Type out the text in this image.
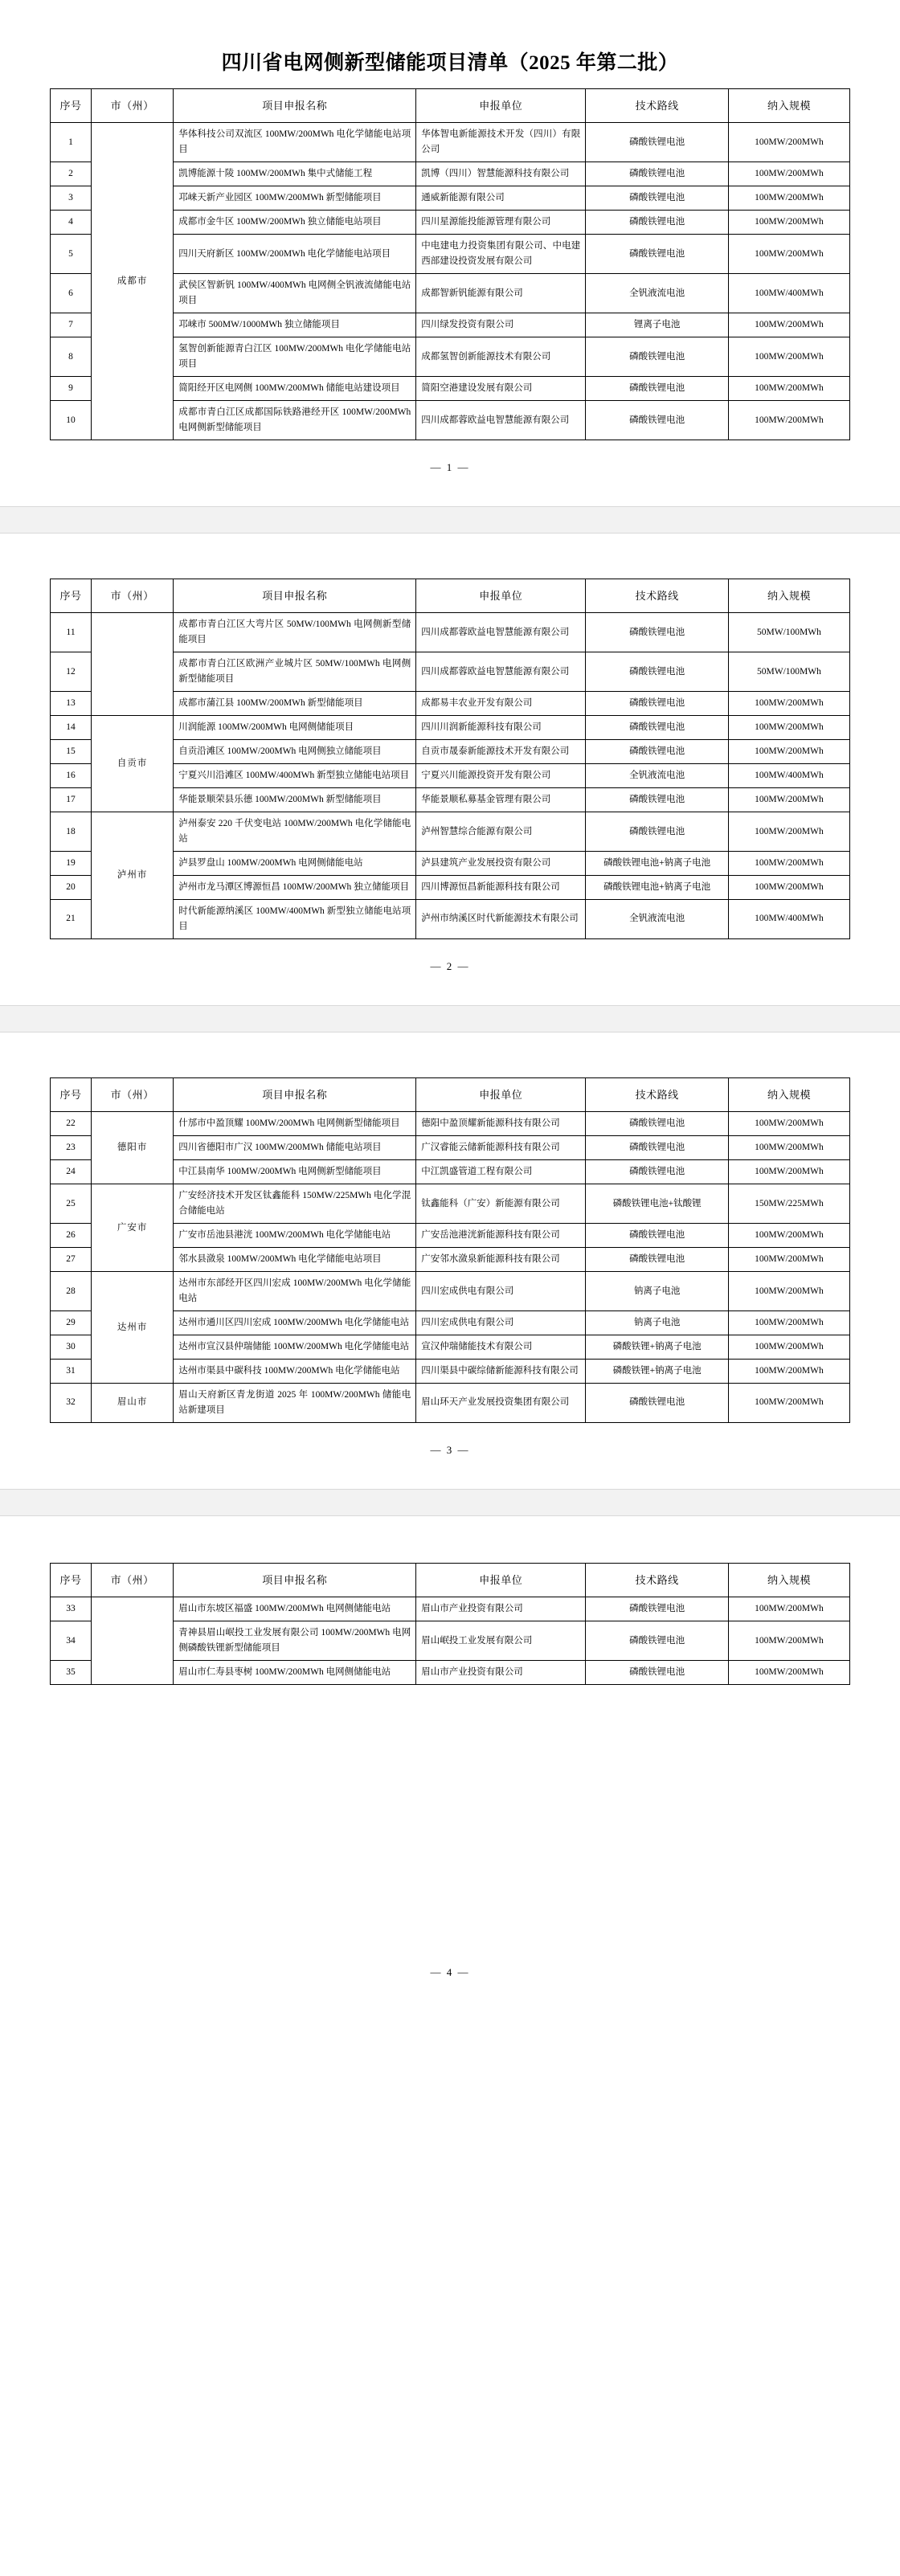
四川省电网侧新型储能项目清单（2025 年第二批）
序号	市（州）	项目申报名称	申报单位	技术路线	纳入规模
1	成都市	华体科技公司双流区 100MW/200MWh 电化学储能电站项目	华体智电新能源技术开发（四川）有限公司	磷酸铁锂电池	100MW/200MWh
2		凯博能源十陵 100MW/200MWh 集中式储能工程	凯博（四川）智慧能源科技有限公司	磷酸铁锂电池	100MW/200MWh
3		邛崃天新产业园区 100MW/200MWh 新型储能项目	通威新能源有限公司	磷酸铁锂电池	100MW/200MWh
4		成都市金牛区 100MW/200MWh 独立储能电站项目	四川星源能投能源管理有限公司	磷酸铁锂电池	100MW/200MWh
5		四川天府新区 100MW/200MWh 电化学储能电站项目	中电建电力投资集团有限公司、中电建西部建设投资发展有限公司	磷酸铁锂电池	100MW/200MWh
6		武侯区智新钒 100MW/400MWh 电网侧全钒液流储能电站项目	成都智新钒能源有限公司	全钒液流电池	100MW/400MWh
7		邛崃市 500MW/1000MWh 独立储能项目	四川绿发投资有限公司	锂离子电池	100MW/200MWh
8		氢智创新能源青白江区 100MW/200MWh 电化学储能电站项目	成都氢智创新能源技术有限公司	磷酸铁锂电池	100MW/200MWh
9		简阳经开区电网侧 100MW/200MWh 储能电站建设项目	简阳空港建设发展有限公司	磷酸铁锂电池	100MW/200MWh
10		成都市青白江区成都国际铁路港经开区 100MW/200MWh 电网侧新型储能项目	四川成都蓉欧益电智慧能源有限公司	磷酸铁锂电池	100MW/200MWh
— 1 —
序号	市（州）	项目申报名称	申报单位	技术路线	纳入规模
11		成都市青白江区大弯片区 50MW/100MWh 电网侧新型储能项目	四川成都蓉欧益电智慧能源有限公司	磷酸铁锂电池	50MW/100MWh
12		成都市青白江区欧洲产业城片区 50MW/100MWh 电网侧新型储能项目	四川成都蓉欧益电智慧能源有限公司	磷酸铁锂电池	50MW/100MWh
13		成都市蒲江县 100MW/200MWh 新型储能项目	成都易丰农业开发有限公司	磷酸铁锂电池	100MW/200MWh
14	自贡市	川润能源 100MW/200MWh 电网侧储能项目	四川川润新能源科技有限公司	磷酸铁锂电池	100MW/200MWh
15		自贡沿滩区 100MW/200MWh 电网侧独立储能项目	自贡市晟泰新能源技术开发有限公司	磷酸铁锂电池	100MW/200MWh
16		宁夏兴川沿滩区 100MW/400MWh 新型独立储能电站项目	宁夏兴川能源投资开发有限公司	全钒液流电池	100MW/400MWh
17		华能景顺荣县乐德 100MW/200MWh 新型储能项目	华能景顺私募基金管理有限公司	磷酸铁锂电池	100MW/200MWh
18	泸州市	泸州泰安 220 千伏变电站 100MW/200MWh 电化学储能电站	泸州智慧综合能源有限公司	磷酸铁锂电池	100MW/200MWh
19		泸县罗盘山 100MW/200MWh 电网侧储能电站	泸县建筑产业发展投资有限公司	磷酸铁锂电池+钠离子电池	100MW/200MWh
20		泸州市龙马潭区博源恒昌 100MW/200MWh 独立储能项目	四川博源恒昌新能源科技有限公司	磷酸铁锂电池+钠离子电池	100MW/200MWh
21		时代新能源纳溪区 100MW/400MWh 新型独立储能电站项目	泸州市纳溪区时代新能源技术有限公司	全钒液流电池	100MW/400MWh
— 2 —
序号	市（州）	项目申报名称	申报单位	技术路线	纳入规模
22	德阳市	什邡市中盈顶耀 100MW/200MWh 电网侧新型储能项目	德阳中盈顶耀新能源科技有限公司	磷酸铁锂电池	100MW/200MWh
23		四川省德阳市广汉 100MW/200MWh 储能电站项目	广汉睿能云储新能源科技有限公司	磷酸铁锂电池	100MW/200MWh
24		中江县南华 100MW/200MWh 电网侧新型储能项目	中江凯盛管道工程有限公司	磷酸铁锂电池	100MW/200MWh
25	广安市	广安经济技术开发区钛鑫能科 150MW/225MWh 电化学混合储能电站	钛鑫能科（广安）新能源有限公司	磷酸铁锂电池+钛酸锂	150MW/225MWh
26		广安市岳池县港洸 100MW/200MWh 电化学储能电站	广安岳池港洸新能源科技有限公司	磷酸铁锂电池	100MW/200MWh
27		邻水县潋泉 100MW/200MWh 电化学储能电站项目	广安邻水潋泉新能源科技有限公司	磷酸铁锂电池	100MW/200MWh
28	达州市	达州市东部经开区四川宏成 100MW/200MWh 电化学储能电站	四川宏成供电有限公司	钠离子电池	100MW/200MWh
29		达州市通川区四川宏成 100MW/200MWh 电化学储能电站	四川宏成供电有限公司	钠离子电池	100MW/200MWh
30		达州市宣汉县仲瑞储能 100MW/200MWh 电化学储能电站	宣汉仲瑞储能技术有限公司	磷酸铁锂+钠离子电池	100MW/200MWh
31		达州市渠县中碳科技 100MW/200MWh 电化学储能电站	四川渠县中碳综储新能源科技有限公司	磷酸铁锂+钠离子电池	100MW/200MWh
32	眉山市	眉山天府新区青龙街道 2025 年 100MW/200MWh 储能电站新建项目	眉山环天产业发展投资集团有限公司	磷酸铁锂电池	100MW/200MWh
— 3 —
序号	市（州）	项目申报名称	申报单位	技术路线	纳入规模
33		眉山市东坡区福盛 100MW/200MWh 电网侧储能电站	眉山市产业投资有限公司	磷酸铁锂电池	100MW/200MWh
34		青神县眉山岷投工业发展有限公司 100MW/200MWh 电网侧磷酸铁锂新型储能项目	眉山岷投工业发展有限公司	磷酸铁锂电池	100MW/200MWh
35		眉山市仁寿县枣树 100MW/200MWh 电网侧储能电站	眉山市产业投资有限公司	磷酸铁锂电池	100MW/200MWh
— 4 —
